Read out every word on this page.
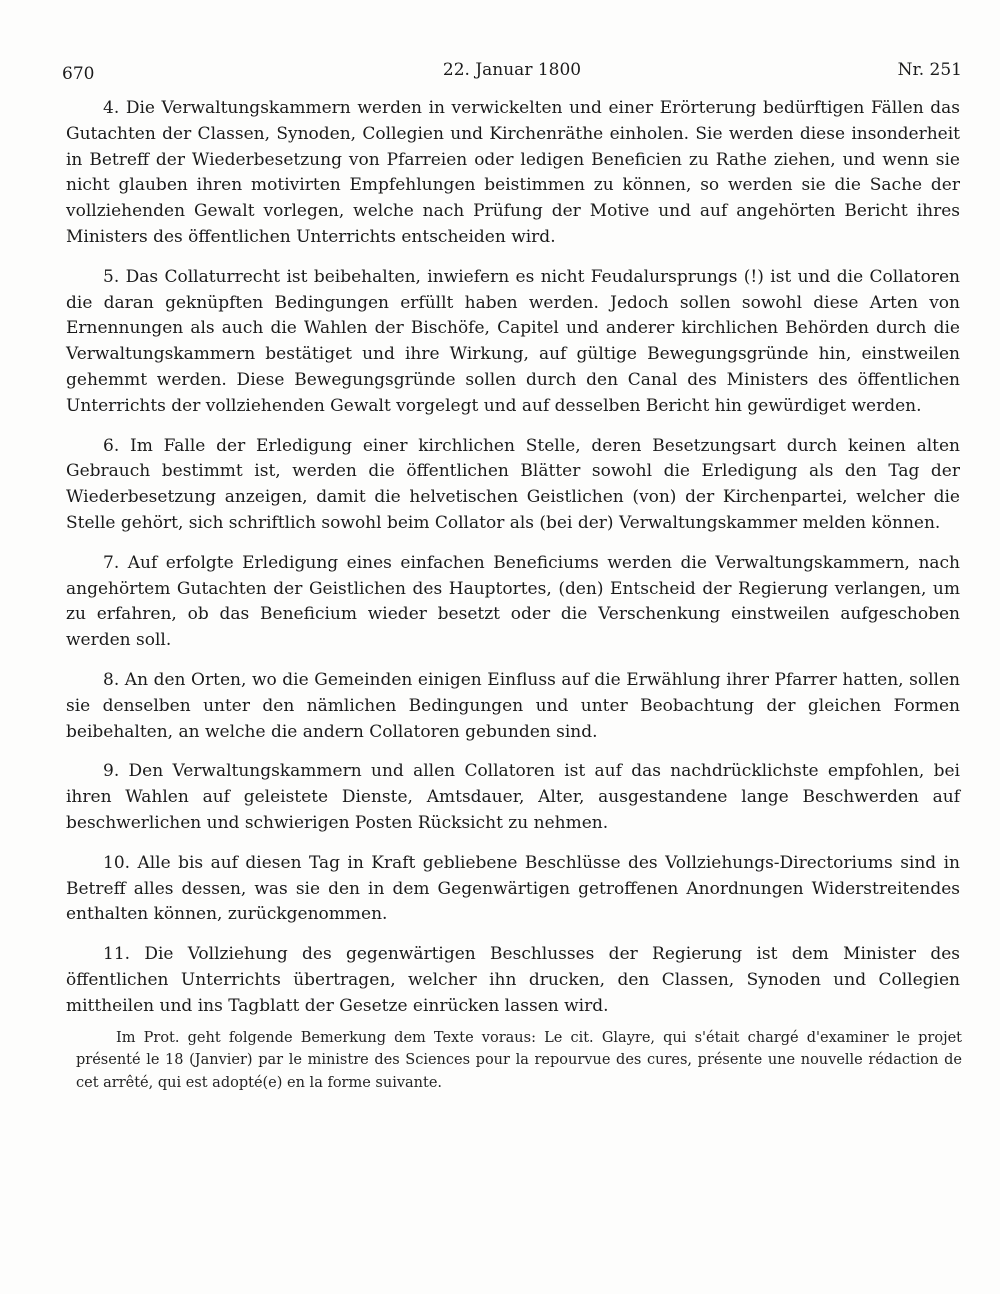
670	22. Januar 1800	Nr. 251

4. Die Verwaltungskammern werden in verwickelten und einer Erörterung bedürftigen Fällen das Gutachten der Classen, Synoden, Collegien und Kirchenräthe einholen. Sie werden diese insonderheit in Betreff der Wiederbesetzung von Pfarreien oder ledigen Beneficien zu Rathe ziehen, und wenn sie nicht glauben ihren motivirten Empfehlungen beistimmen zu können, so werden sie die Sache der vollziehenden Gewalt vorlegen, welche nach Prüfung der Motive und auf angehörten Bericht ihres Ministers des öffentlichen Unterrichts entscheiden wird.

5. Das Collaturrecht ist beibehalten, inwiefern es nicht Feudalursprungs (!) ist und die Collatoren die daran geknüpften Bedingungen erfüllt haben werden. Jedoch sollen sowohl diese Arten von Ernennungen als auch die Wahlen der Bischöfe, Capitel und anderer kirchlichen Behörden durch die Verwaltungskammern bestätiget und ihre Wirkung, auf gültige Bewegungsgründe hin, einstweilen gehemmt werden. Diese Bewegungsgründe sollen durch den Canal des Ministers des öffentlichen Unterrichts der vollziehenden Gewalt vorgelegt und auf desselben Bericht hin gewürdiget werden.

6. Im Falle der Erledigung einer kirchlichen Stelle, deren Besetzungsart durch keinen alten Gebrauch bestimmt ist, werden die öffentlichen Blätter sowohl die Erledigung als den Tag der Wiederbesetzung anzeigen, damit die helvetischen Geistlichen (von) der Kirchenpartei, welcher die Stelle gehört, sich schriftlich sowohl beim Collator als (bei der) Verwaltungskammer melden können.

7. Auf erfolgte Erledigung eines einfachen Beneficiums werden die Verwaltungskammern, nach angehörtem Gutachten der Geistlichen des Hauptortes, (den) Entscheid der Regierung verlangen, um zu erfahren, ob das Beneficium wieder besetzt oder die Verschenkung einstweilen aufgeschoben werden soll.

8. An den Orten, wo die Gemeinden einigen Einfluss auf die Erwählung ihrer Pfarrer hatten, sollen sie denselben unter den nämlichen Bedingungen und unter Beobachtung der gleichen Formen beibehalten, an welche die andern Collatoren gebunden sind.

9. Den Verwaltungskammern und allen Collatoren ist auf das nachdrücklichste empfohlen, bei ihren Wahlen auf geleistete Dienste, Amtsdauer, Alter, ausgestandene lange Beschwerden auf beschwerlichen und schwierigen Posten Rücksicht zu nehmen.

10. Alle bis auf diesen Tag in Kraft gebliebene Beschlüsse des Vollziehungs-Directoriums sind in Betreff alles dessen, was sie den in dem Gegenwärtigen getroffenen Anordnungen Widerstreitendes enthalten können, zurückgenommen.

11. Die Vollziehung des gegenwärtigen Beschlusses der Regierung ist dem Minister des öffentlichen Unterrichts übertragen, welcher ihn drucken, den Classen, Synoden und Collegien mittheilen und ins Tagblatt der Gesetze einrücken lassen wird.

Im Prot. geht folgende Bemerkung dem Texte voraus: Le cit. Glayre, qui s'était chargé d'examiner le projet présenté le 18 (Janvier) par le ministre des Sciences pour la repourvue des cures, présente une nouvelle rédaction de cet arrêté, qui est adopté(e) en la forme suivante.
